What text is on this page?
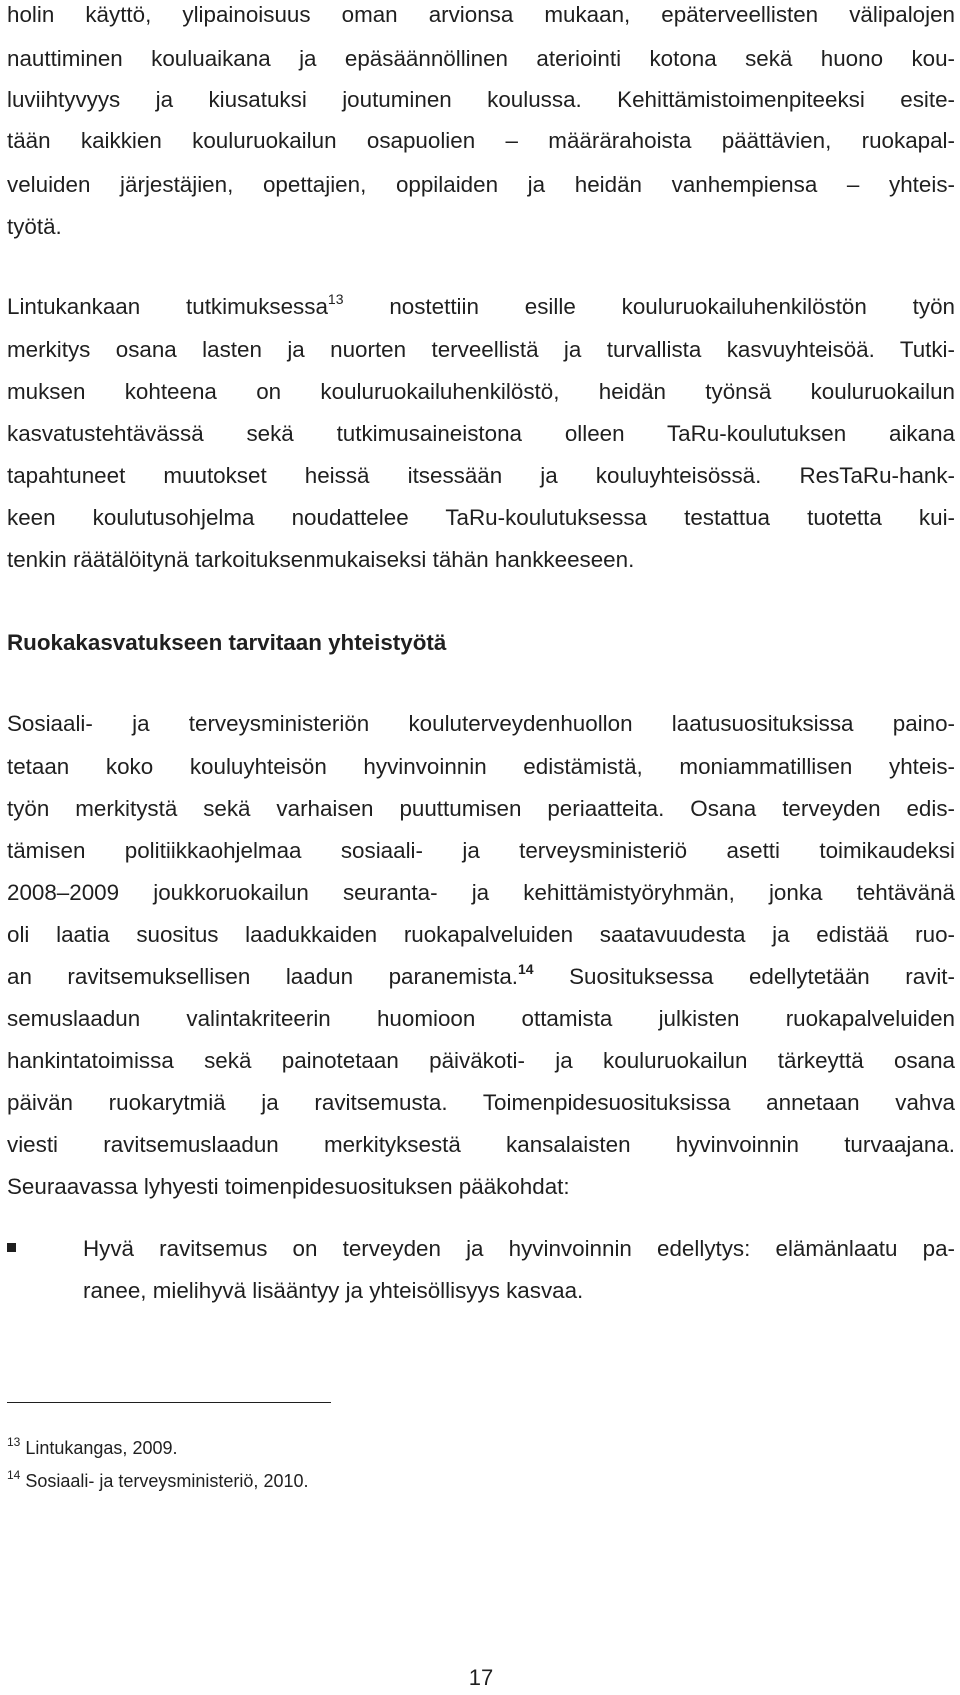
holin käyttö, ylipainoisuus oman arvionsa mukaan, epäterveellisten välipalojen
nauttiminen kouluaikana ja epäsäännöllinen ateriointi kotona sekä huono kou-
luviihtyvyys ja kiusatuksi joutuminen koulussa. Kehittämistoimenpiteeksi esite-
tään kaikkien kouluruokailun osapuolien – määrärahoista päättävien, ruokapal-
veluiden järjestäjien, opettajien, oppilaiden ja heidän vanhempiensa – yhteis-
työtä.
Lintukankaan tutkimuksessa$^{13}$ nostettiin esille kouluruokailuhenkilöstön työn
merkitys osana lasten ja nuorten terveellistä ja turvallista kasvuyhteisöä. Tutki-
muksen kohteena on kouluruokailuhenkilöstö, heidän työnsä kouluruokailun
kasvatustehtävässä sekä tutkimusaineistona olleen TaRu-koulutuksen aikana
tapahtuneet muutokset heissä itsessään ja kouluyhteisössä. ResTaRu-hank-
keen koulutusohjelma noudattelee TaRu-koulutuksessa testattua tuotetta kui-
tenkin räätälöitynä tarkoituksenmukaiseksi tähän hankkeeseen.
Ruokakasvatukseen tarvitaan yhteistyötä
Sosiaali- ja terveysministeriön kouluterveydenhuollon laatusuosituksissa paino-
tetaan koko kouluyhteisön hyvinvoinnin edistämistä, moniammatillisen yhteis-
työn merkitystä sekä varhaisen puuttumisen periaatteita. Osana terveyden edis-
tämisen politiikkaohjelmaa sosiaali- ja terveysministeriö asetti toimikaudeksi
2008–2009 joukkoruokailun seuranta- ja kehittämistyöryhmän, jonka tehtävänä
oli laatia suositus laadukkaiden ruokapalveluiden saatavuudesta ja edistää ruo-
an ravitsemuksellisen laadun paranemista.$^{14}$ Suosituksessa edellytetään ravit-
semuslaadun valintakriteerin huomioon ottamista julkisten ruokapalveluiden
hankintatoimissa sekä painotetaan päiväkoti- ja kouluruokailun tärkeyttä osana
päivän ruokarytmiä ja ravitsemusta. Toimenpidesuosituksissa annetaan vahva
viesti ravitsemuslaadun merkityksestä kansalaisten hyvinvoinnin turvaajana.
Seuraavassa lyhyesti toimenpidesuosituksen pääkohdat:
Hyvä ravitsemus on terveyden ja hyvinvoinnin edellytys: elämänlaatu pa-
ranee, mielihyvä lisääntyy ja yhteisöllisyys kasvaa.
$^{13}$ Lintukangas, 2009.
$^{14}$ Sosiaali- ja terveysministeriö, 2010.
17
